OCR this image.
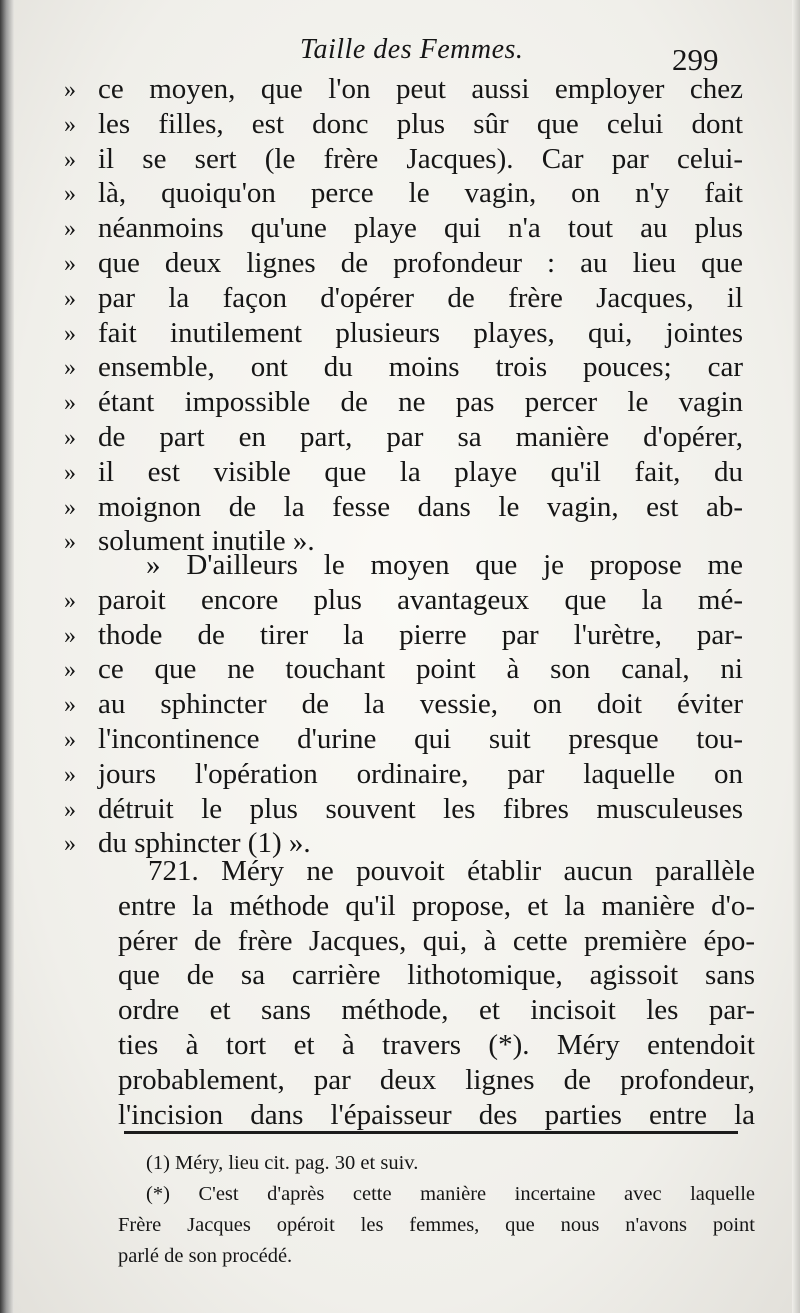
Taille des Femmes.	299
» ce moyen, que l'on peut aussi employer chez
» les filles, est donc plus sûr que celui dont
» il se sert (le frère Jacques). Car par celui-
» là, quoiqu'on perce le vagin, on n'y fait
» néanmoins qu'une playe qui n'a tout au plus
» que deux lignes de profondeur : au lieu que
» par la façon d'opérer de frère Jacques, il
» fait inutilement plusieurs playes, qui, jointes
» ensemble, ont du moins trois pouces; car
» étant impossible de ne pas percer le vagin
» de part en part, par sa manière d'opérer,
» il est visible que la playe qu'il fait, du
» moignon de la fesse dans le vagin, est ab-
» solument inutile ».
» D'ailleurs le moyen que je propose me
» paroit encore plus avantageux que la mé-
» thode de tirer la pierre par l'urètre, par-
» ce que ne touchant point à son canal, ni
» au sphincter de la vessie, on doit éviter
» l'incontinence d'urine qui suit presque tou-
» jours l'opération ordinaire, par laquelle on
» détruit le plus souvent les fibres musculeuses
» du sphincter (1) ».
721. Méry ne pouvoit établir aucun parallèle
entre la méthode qu'il propose, et la manière d'o-
pérer de frère Jacques, qui, à cette première épo-
que de sa carrière lithotomique, agissoit sans
ordre et sans méthode, et incisoit les par-
ties à tort et à travers (*). Méry entendoit
probablement, par deux lignes de profondeur,
l'incision dans l'épaisseur des parties entre la
(1) Méry, lieu cit. pag. 30 et suiv.
(*) C'est d'après cette manière incertaine avec laquelle
Frère Jacques opéroit les femmes, que nous n'avons point
parlé de son procédé.
